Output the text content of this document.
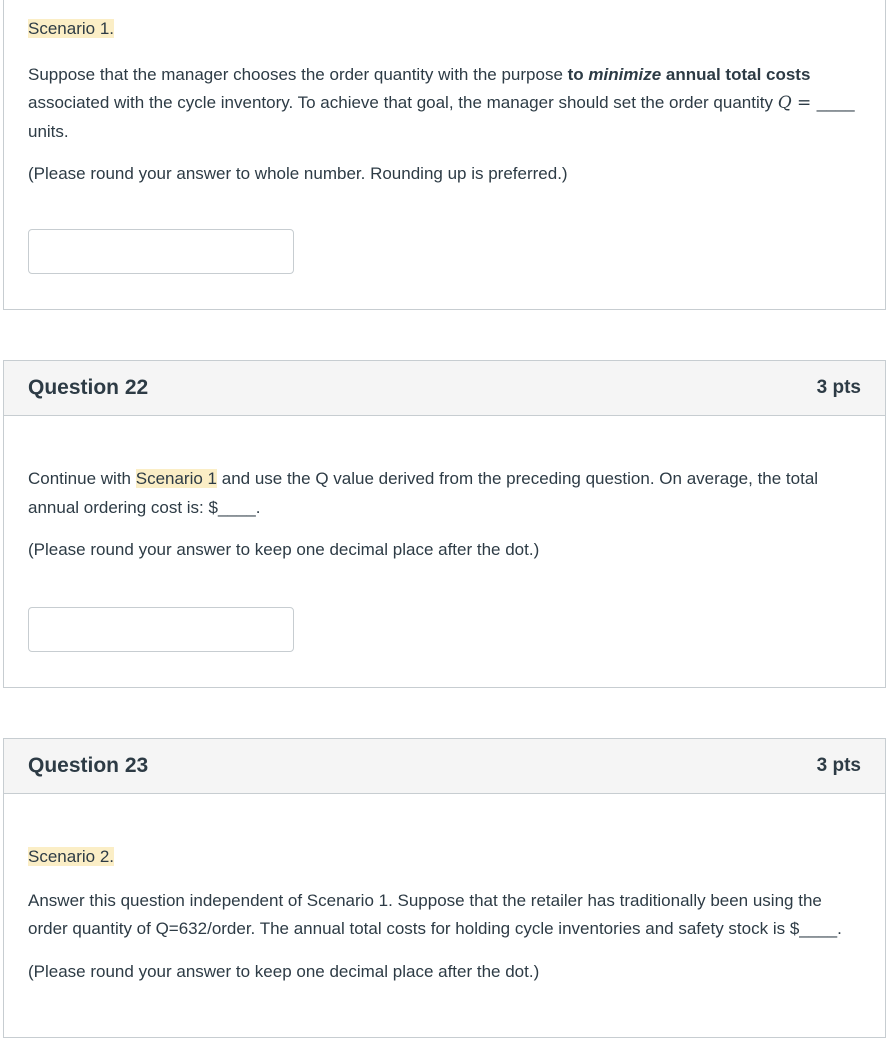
Scenario 1.

Suppose that the manager chooses the order quantity with the purpose to minimize annual total costs associated with the cycle inventory. To achieve that goal, the manager should set the order quantity Q = ____ units.

(Please round your answer to whole number. Rounding up is preferred.)

Question 22	3 pts

Continue with Scenario 1 and use the Q value derived from the preceding question. On average, the total annual ordering cost is: $____.

(Please round your answer to keep one decimal place after the dot.)

Question 23	3 pts

Scenario 2.

Answer this question independent of Scenario 1. Suppose that the retailer has traditionally been using the order quantity of Q=632/order. The annual total costs for holding cycle inventories and safety stock is $____.

(Please round your answer to keep one decimal place after the dot.)
